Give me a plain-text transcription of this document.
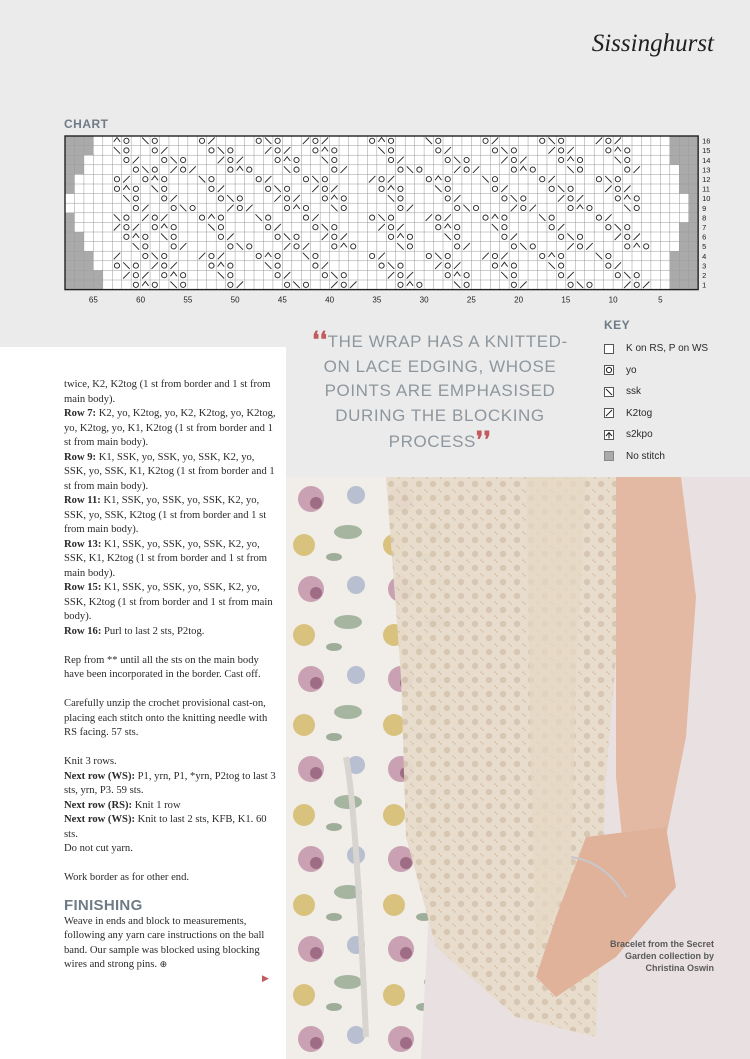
Sissinghurst
CHART
1
2
3
4
5
6
7
8
9
10
11
12
13
14
15
16
65	60	55	50	45	40	35	30	25	20	15	10	5
❛❛THE WRAP HAS A KNITTED-ON LACE EDGING, WHOSE POINTS ARE EMPHASISED DURING THE BLOCKING PROCESS❜❜
KEY
K on RS, P on WS
yo
ssk
K2tog
s2kpo
No stitch

twice, K2, K2tog (1 st from border and 1 st from main body).

Row 7: K2, yo, K2tog, yo, K2, K2tog, yo, K2tog, yo, K2tog, yo, K1, K2tog (1 st from border and 1 st from main body).

Row 9: K1, SSK, yo, SSK, yo, SSK, K2, yo, SSK, yo, SSK, K1, K2tog (1 st from border and 1 st from main body).

Row 11: K1, SSK, yo, SSK, yo, SSK, K2, yo, SSK, yo, SSK, K2tog (1 st from border and 1 st from main body).

Row 13: K1, SSK, yo, SSK, yo, SSK, K2, yo, SSK, K1, K2tog (1 st from border and 1 st from main body).

Row 15: K1, SSK, yo, SSK, yo, SSK, K2, yo, SSK, K2tog (1 st from border and 1 st from main body).

Row 16: Purl to last 2 sts, P2tog.

Rep from ** until all the sts on the main body have been incorporated in the border. Cast off.

Carefully unzip the crochet provisional cast-on, placing each stitch onto the knitting needle with RS facing. 57 sts.

Knit 3 rows.

Next row (WS): P1, yrn, P1, *yrn, P2tog to last 3 sts, yrn, P3. 59 sts.

Next row (RS): Knit 1 row

Next row (WS): Knit to last 2 sts, KFB, K1. 60 sts.

Do not cut yarn.

Work border as for other end.

FINISHING

Weave in ends and block to measurements, following any yarn care instructions on the ball band. Our sample was blocked using blocking wires and strong pins. ⊕

▶
Bracelet from the Secret Garden collection by Christina Oswin
